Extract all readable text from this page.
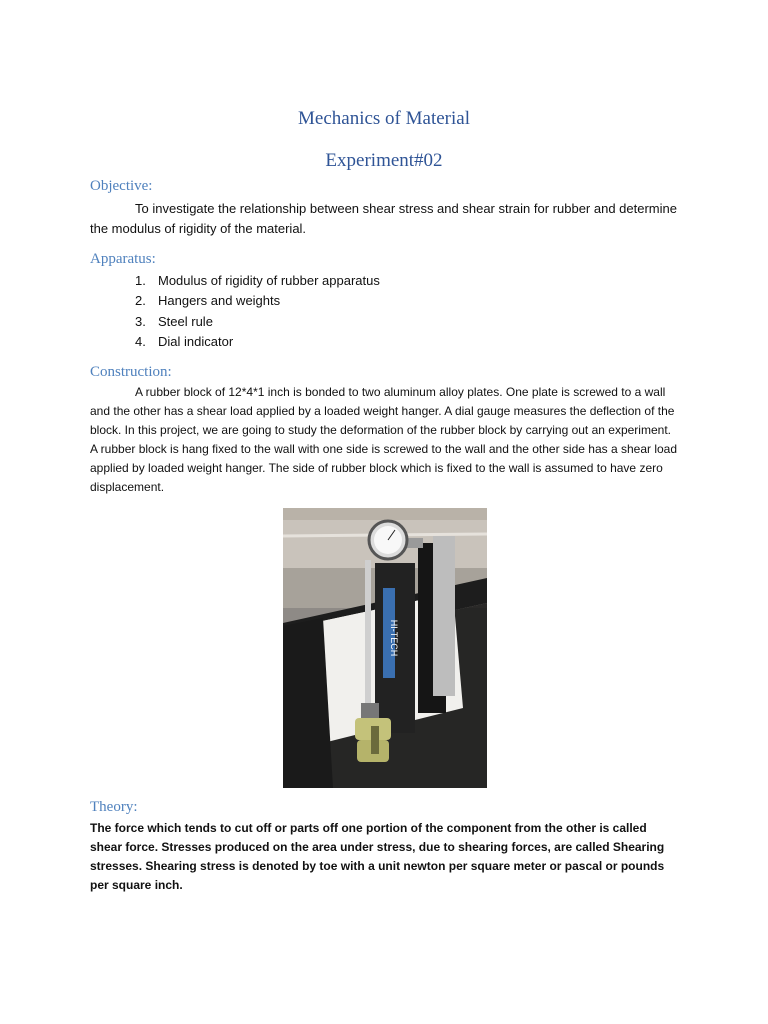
Mechanics of Material
Experiment#02
Objective:

To investigate the relationship between shear stress and shear strain for rubber and determine the modulus of rigidity of the material.

Apparatus:
1. Modulus of rigidity of rubber apparatus
2. Hangers and weights
3. Steel rule
4. Dial indicator
Construction:

A rubber block of 12*4*1 inch is bonded to two aluminum alloy plates. One plate is screwed to a wall and the other has a shear load applied by a loaded weight hanger. A dial gauge measures the deflection of the block. In this project, we are going to study the deformation of the rubber block by carrying out an experiment. A rubber block is hang fixed to the wall with one side is screwed to the wall and the other side has a shear load applied by loaded weight hanger. The side of rubber block which is fixed to the wall is assumed to have zero displacement.

HI-TECH
Theory:

The force which tends to cut off or parts off one portion of the component from the other is called shear force. Stresses produced on the area under stress, due to shearing forces, are called Shearing stresses. Shearing stress is denoted by toe with a unit newton per square meter or pascal or pounds per square inch.
